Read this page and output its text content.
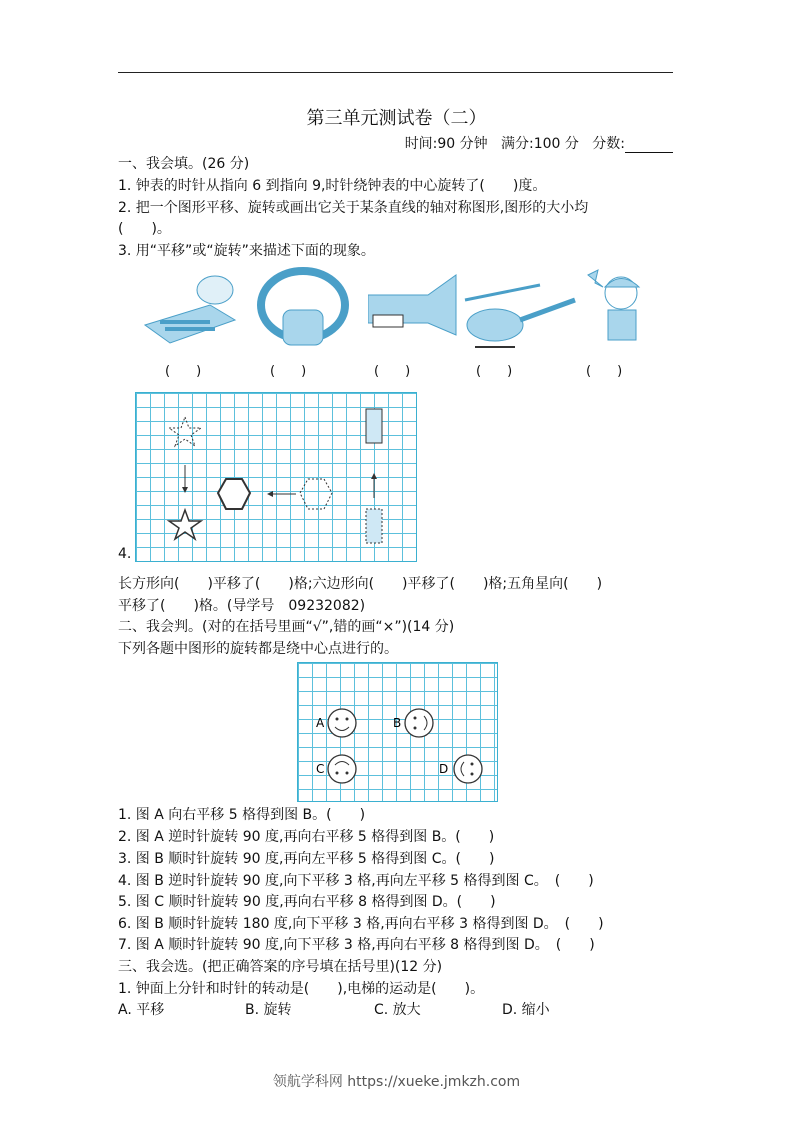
第三单元测试卷（二）
时间:90 分钟 满分:100 分 分数:
一、我会填。(26 分)
1. 钟表的时针从指向 6 到指向 9,时针绕钟表的中心旋转了(　　)度。
2. 把一个图形平移、旋转或画出它关于某条直线的轴对称图形,图形的大小均
(　　)。
3. 用“平移”或“旋转”来描述下面的现象。
(　　)	(　　)	(　　)	(　　)	(　　)
4.
长方形向(　　)平移了(　　)格;六边形向(　　)平移了(　　)格;五角星向(　　)
平移了(　　)格。(导学号　09232082)
二、我会判。(对的在括号里画“√”,错的画“×”)(14 分)
下列各题中图形的旋转都是绕中心点进行的。
A	B
C	D
1. 图 A 向右平移 5 格得到图 B。(　　)
2. 图 A 逆时针旋转 90 度,再向右平移 5 格得到图 B。(　　)
3. 图 B 顺时针旋转 90 度,再向左平移 5 格得到图 C。(　　)
4. 图 B 逆时针旋转 90 度,向下平移 3 格,再向左平移 5 格得到图 C。　(　　)
5. 图 C 顺时针旋转 90 度,再向右平移 8 格得到图 D。(　　)
6. 图 B 顺时针旋转 180 度,向下平移 3 格,再向右平移 3 格得到图 D。　(　　)
7. 图 A 顺时针旋转 90 度,向下平移 3 格,再向右平移 8 格得到图 D。　(　　)
三、我会选。(把正确答案的序号填在括号里)(12 分)
1. 钟面上分针和时针的转动是(　　),电梯的运动是(　　)。
A. 平移	B. 旋转	C. 放大	D. 缩小
领航学科网 https://xueke.jmkzh.com
